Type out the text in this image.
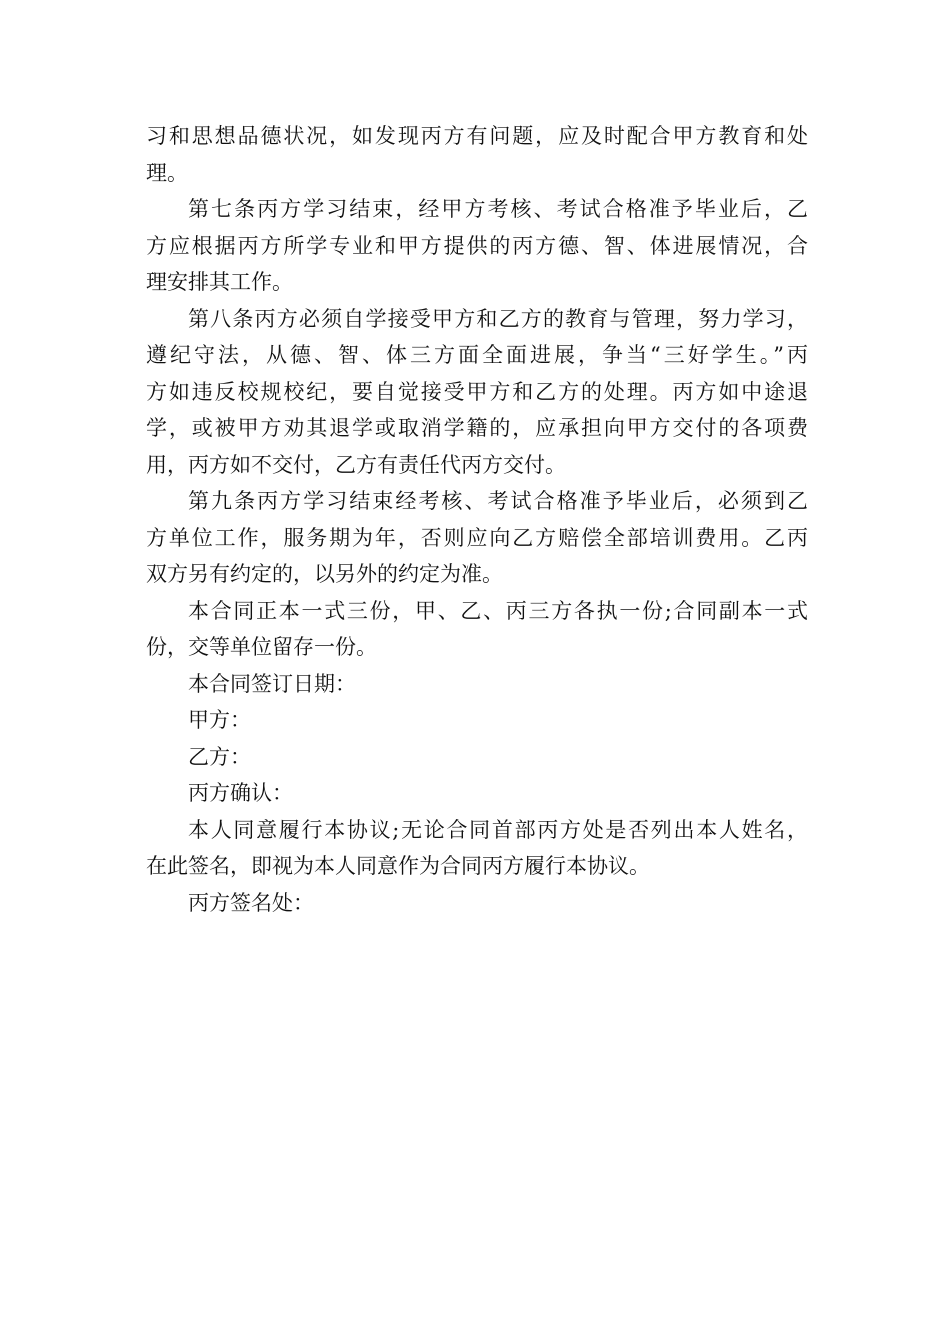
习和思想品德状况，如发现丙方有问题，应及时配合甲方教育和处
理。
第七条丙方学习结束，经甲方考核、考试合格准予毕业后，乙
方应根据丙方所学专业和甲方提供的丙方德、智、体进展情况，合
理安排其工作。
第八条丙方必须自学接受甲方和乙方的教育与管理，努力学习，
遵纪守法，从德、智、体三方面全面进展，争当“三好学生。”丙
方如违反校规校纪，要自觉接受甲方和乙方的处理。丙方如中途退
学，或被甲方劝其退学或取消学籍的，应承担向甲方交付的各项费
用，丙方如不交付，乙方有责任代丙方交付。
第九条丙方学习结束经考核、考试合格准予毕业后，必须到乙
方单位工作，服务期为年，否则应向乙方赔偿全部培训费用。乙丙
双方另有约定的，以另外的约定为准。
本合同正本一式三份，甲、乙、丙三方各执一份;合同副本一式
份，交等单位留存一份。
本合同签订日期：
甲方：
乙方：
丙方确认：
本人同意履行本协议;无论合同首部丙方处是否列出本人姓名，
在此签名，即视为本人同意作为合同丙方履行本协议。
丙方签名处：
